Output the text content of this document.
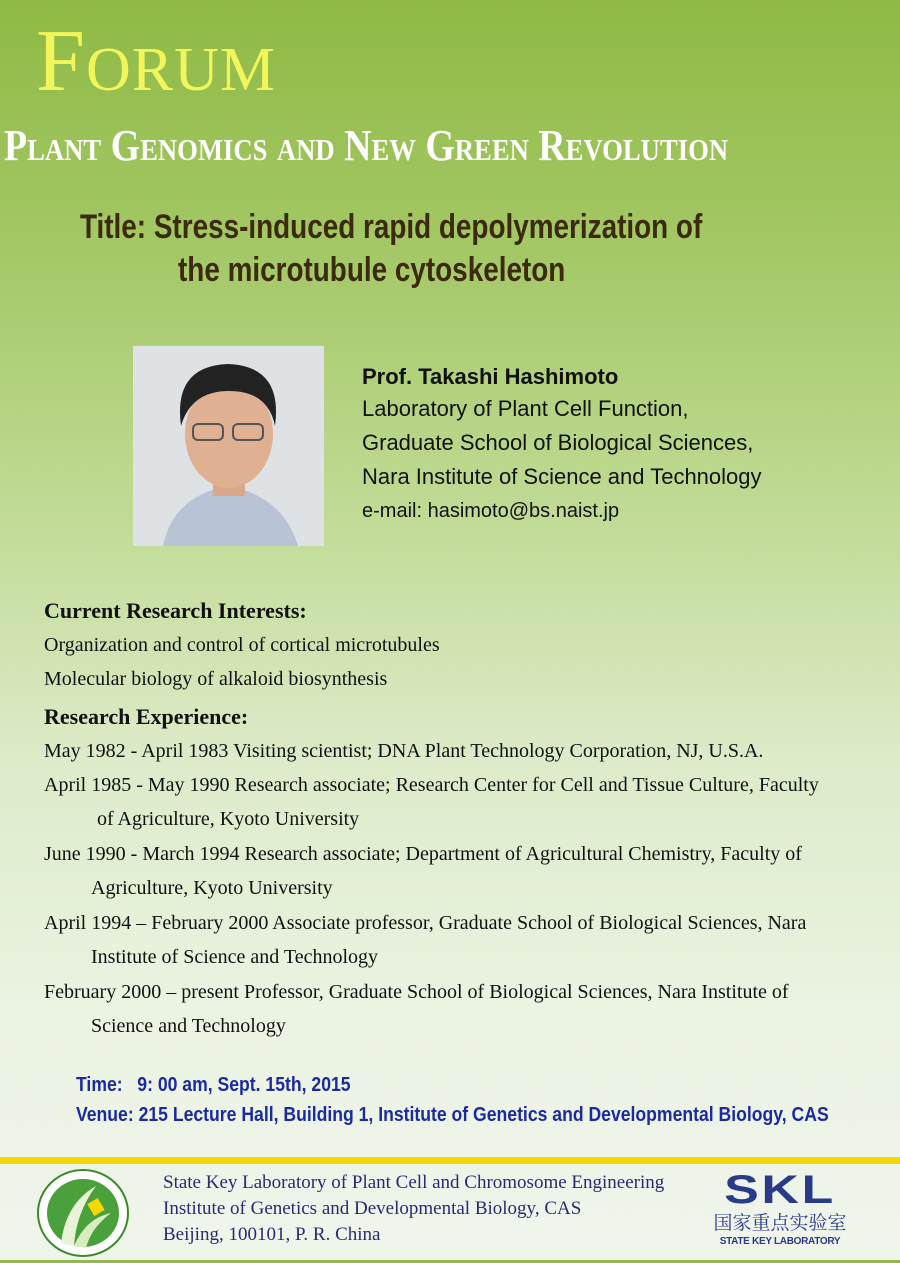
Forum
Plant Genomics and New Green Revolution
Title: Stress-induced rapid depolymerization of
the microtubule cytoskeleton
Prof. Takashi Hashimoto
Laboratory of Plant Cell Function,
Graduate School of Biological Sciences,
Nara Institute of Science and Technology
e-mail: hasimoto@bs.naist.jp
Current Research Interests:
Organization and control of cortical microtubules
Molecular biology of alkaloid biosynthesis
Research Experience:
May 1982 - April 1983 Visiting scientist; DNA Plant Technology Corporation, NJ, U.S.A.
April 1985 - May 1990 Research associate; Research Center for Cell and Tissue Culture, Faculty
of Agriculture, Kyoto University
June 1990 - March 1994 Research associate; Department of Agricultural Chemistry, Faculty of
Agriculture, Kyoto University
April 1994 – February 2000 Associate professor, Graduate School of Biological Sciences, Nara
Institute of Science and Technology
February 2000 – present Professor, Graduate School of Biological Sciences, Nara Institute of
Science and Technology
Time:   9: 00 am, Sept. 15th, 2015
Venue: 215 Lecture Hall, Building 1, Institute of Genetics and Developmental Biology, CAS
State Key Laboratory of Plant Cell and Chromosome Engineering
Institute of Genetics and Developmental Biology, CAS
Beijing, 100101, P. R. China
SKL
国家重点实验室
STATE KEY LABORATORY
